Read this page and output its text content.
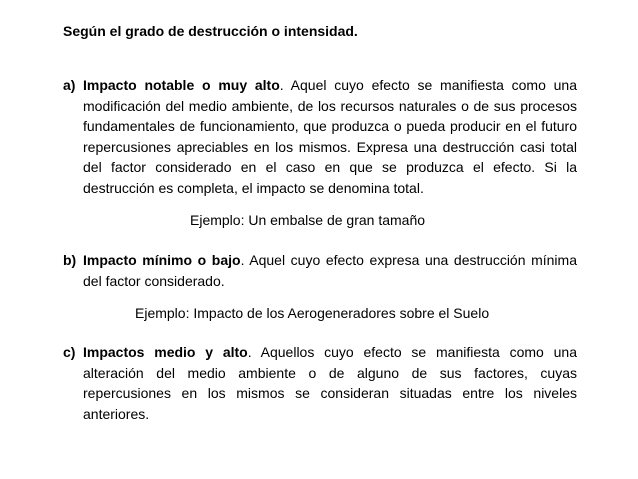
Según el grado de destrucción o intensidad.
a) Impacto notable o muy alto. Aquel cuyo efecto se manifiesta como una modificación del medio ambiente, de los recursos naturales o de sus procesos fundamentales de funcionamiento, que produzca o pueda producir en el futuro repercusiones apreciables en los mismos. Expresa una destrucción casi total del factor considerado en el caso en que se produzca el efecto. Si la destrucción es completa, el impacto se denomina total.
Ejemplo: Un embalse de gran tamaño
b) Impacto mínimo o bajo. Aquel cuyo efecto expresa una destrucción mínima del factor considerado.
Ejemplo: Impacto de los Aerogeneradores sobre el Suelo
c) Impactos medio y alto. Aquellos cuyo efecto se manifiesta como una alteración del medio ambiente o de alguno de sus factores, cuyas repercusiones en los mismos se consideran situadas entre los niveles anteriores.
